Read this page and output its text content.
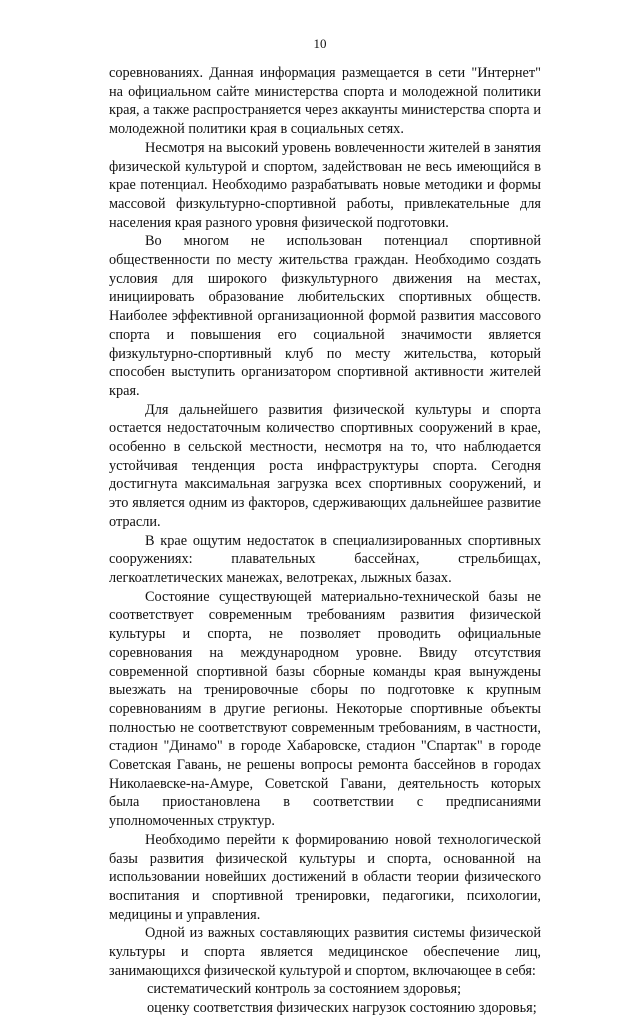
10

соревнованиях. Данная информация размещается в сети "Интернет" на официальном сайте министерства спорта и молодежной политики края, а также распространяется через аккаунты министерства спорта и молодежной политики края в социальных сетях.

Несмотря на высокий уровень вовлеченности жителей в занятия физической культурой и спортом, задействован не весь имеющийся в крае потенциал. Необходимо разрабатывать новые методики и формы массовой физкультурно-спортивной работы, привлекательные для населения края разного уровня физической подготовки.

Во многом не использован потенциал спортивной общественности по месту жительства граждан. Необходимо создать условия для широкого физкультурного движения на местах, инициировать образование любительских спортивных обществ. Наиболее эффективной организационной формой развития массового спорта и повышения его социальной значимости является физкультурно-спортивный клуб по месту жительства, который способен выступить организатором спортивной активности жителей края.

Для дальнейшего развития физической культуры и спорта остается недостаточным количество спортивных сооружений в крае, особенно в сельской местности, несмотря на то, что наблюдается устойчивая тенденция роста инфраструктуры спорта. Сегодня достигнута максимальная загрузка всех спортивных сооружений, и это является одним из факторов, сдерживающих дальнейшее развитие отрасли.

В крае ощутим недостаток в специализированных спортивных сооружениях: плавательных бассейнах, стрельбищах, легкоатлетических манежах, велотреках, лыжных базах.

Состояние существующей материально-технической базы не соответствует современным требованиям развития физической культуры и спорта, не позволяет проводить официальные соревнования на международном уровне. Ввиду отсутствия современной спортивной базы сборные команды края вынуждены выезжать на тренировочные сборы по подготовке к крупным соревнованиям в другие регионы. Некоторые спортивные объекты полностью не соответствуют современным требованиям, в частности, стадион "Динамо" в городе Хабаровске, стадион "Спартак" в городе Советская Гавань, не решены вопросы ремонта бассейнов в городах Николаевске-на-Амуре, Советской Гавани, деятельность которых была приостановлена в соответствии с предписаниями уполномоченных структур.

Необходимо перейти к формированию новой технологической базы развития физической культуры и спорта, основанной на использовании новейших достижений в области теории физического воспитания и спортивной тренировки, педагогики, психологии, медицины и управления.

Одной из важных составляющих развития системы физической культуры и спорта является медицинское обеспечение лиц, занимающихся физической культурой и спортом, включающее в себя:

систематический контроль за состоянием здоровья;

оценку соответствия физических нагрузок состоянию здоровья;
